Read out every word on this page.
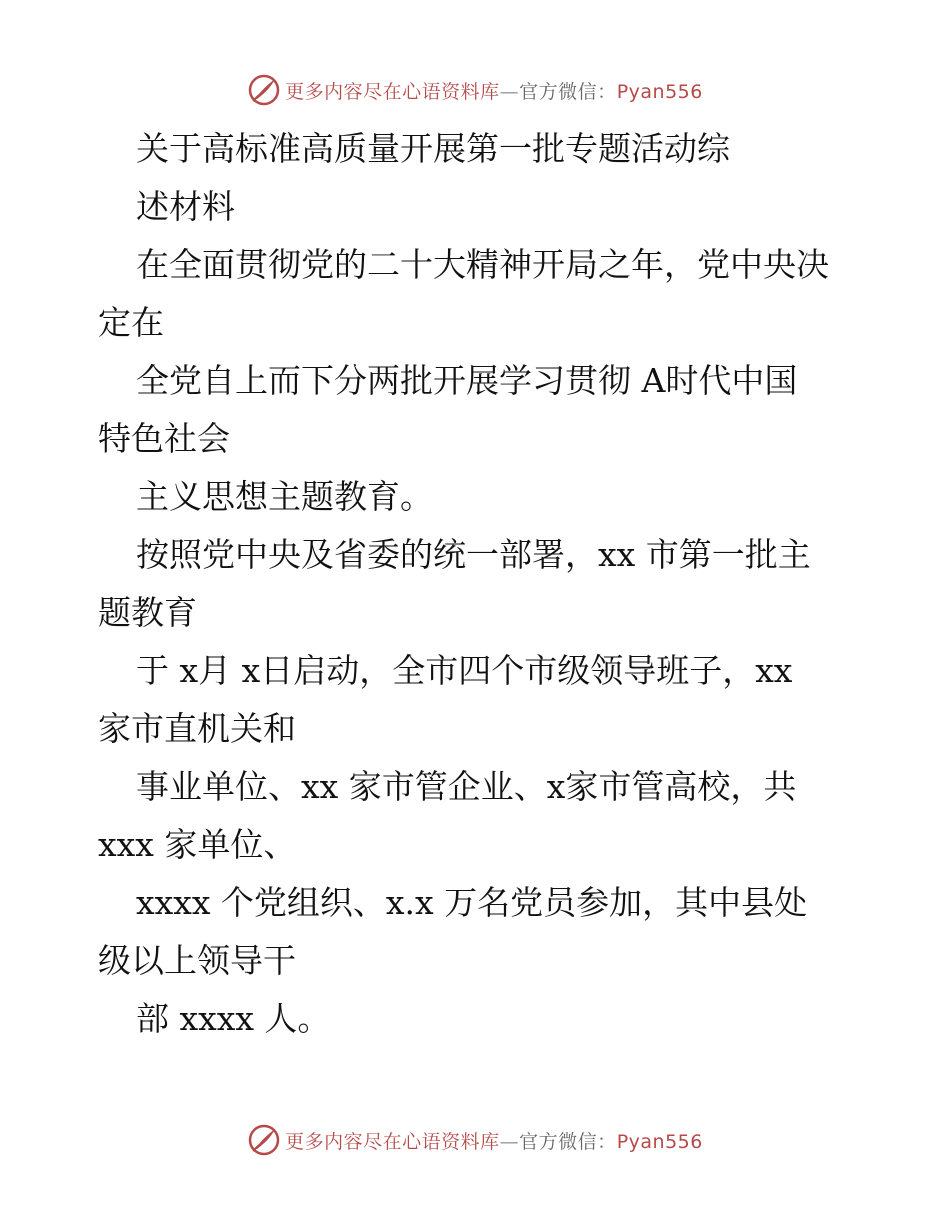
更多内容尽在心语资料库—官方微信：Pyan556
关于高标准高质量开展第一批专题活动综
述材料
在全面贯彻党的二十大精神开局之年，党中央决
定在
全党自上而下分两批开展学习贯彻 A时代中国
特色社会
主义思想主题教育。
按照党中央及省委的统一部署，xx 市第一批主
题教育
于 x月 x日启动，全市四个市级领导班子，xx
家市直机关和
事业单位、xx 家市管企业、x家市管高校，共
xxx 家单位、
xxxx 个党组织、x.x 万名党员参加，其中县处
级以上领导干
部 xxxx 人。
更多内容尽在心语资料库—官方微信：Pyan556
